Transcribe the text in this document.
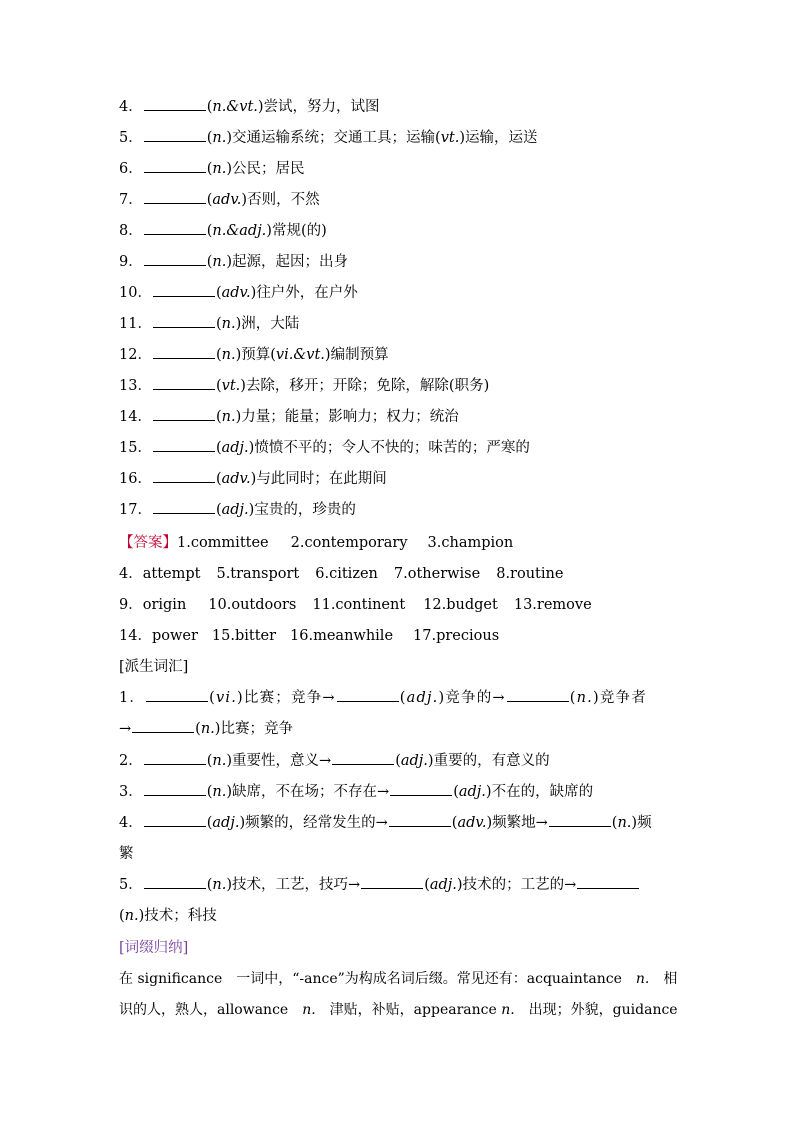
4．	(n.&vt.)尝试，努力，试图
5．	(n.)交通运输系统；交通工具；运输(vt.)运输，运送
6．	(n.)公民；居民
7．	(adv.)否则，不然
8．	(n.&adj.)常规(的)
9．	(n.)起源，起因；出身
10．	(adv.)往户外，在户外
11．	(n.)洲，大陆
12．	(n.)预算(vi.&vt.)编制预算
13．	(vt.)去除，移开；开除；免除，解除(职务)
14．	(n.)力量；能量；影响力；权力；统治
15．	(adj.)愤愤不平的；令人不快的；味苦的；严寒的
16．	(adv.)与此同时；在此期间
17．	(adj.)宝贵的，珍贵的
【答案】1.committee 2.contemporary 3.champion
4．attempt 5.transport 6.citizen 7.otherwise 8.routine
9．origin 10.outdoors 11.continent 12.budget 13.remove
14．power 15.bitter 16.meanwhile 17.precious
[派生词汇]
1．	(vi.)比赛；竞争→	(adj.)竞争的→	(n.)竞争者
→	(n.)比赛；竞争
2．	(n.)重要性，意义→	(adj.)重要的，有意义的
3．	(n.)缺席，不在场；不存在→	(adj.)不在的，缺席的
4．	(adj.)频繁的，经常发生的→	(adv.)频繁地→	(n.)频
繁
5．	(n.)技术，工艺，技巧→	(adj.)技术的；工艺的→
(n.)技术；科技
[词缀归纳]
在 significance　一词中，“-ance”为构成名词后缀。常见还有：acquaintance　n.　相
识的人，熟人，allowance　n.　津贴，补贴，appearance n.　出现；外貌，guidance
